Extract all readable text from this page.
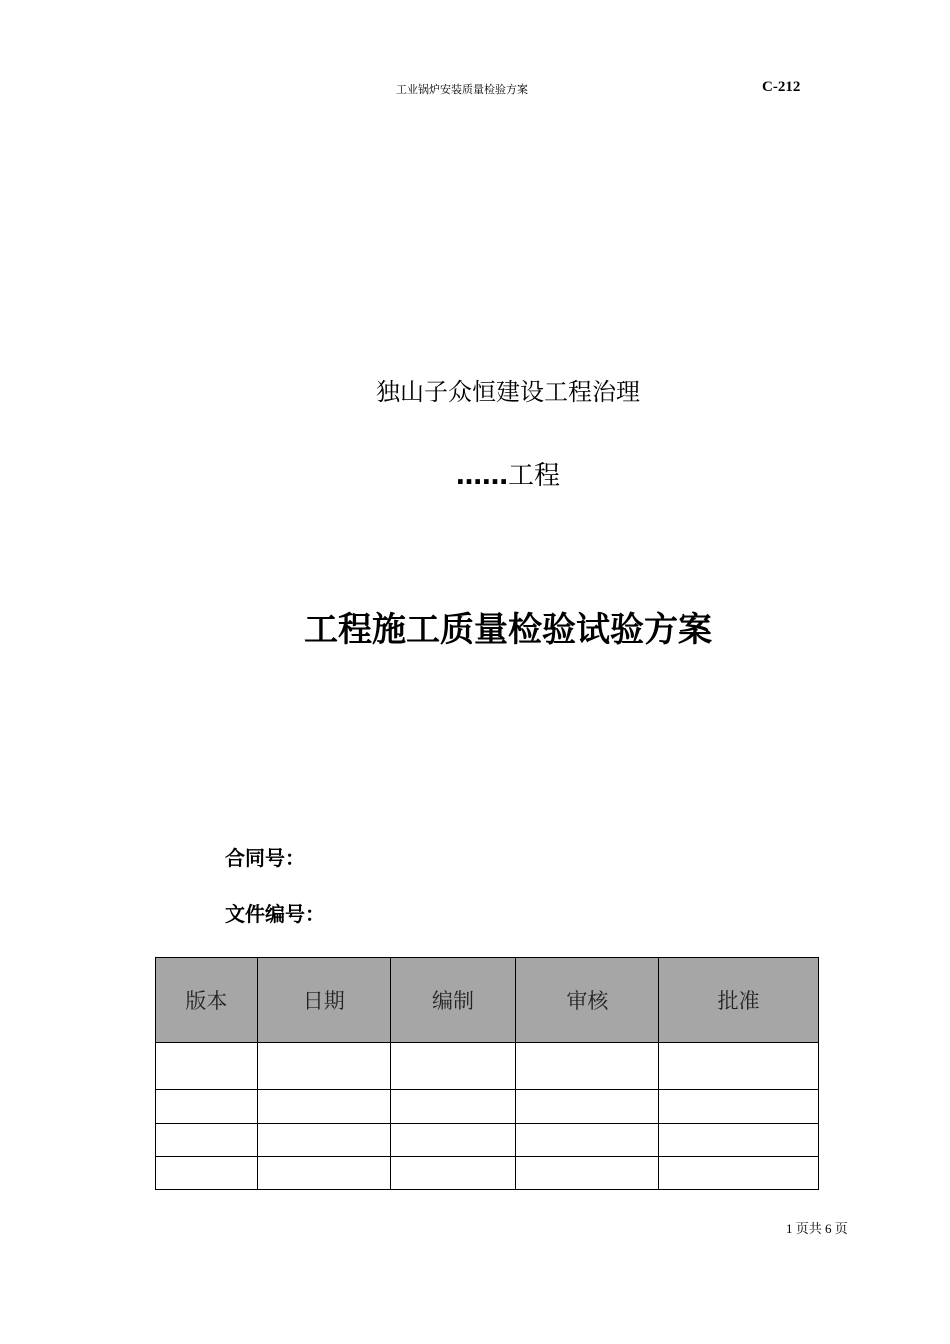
工业锅炉安装质量检验方案	C-212
独山子众恒建设工程治理
……工程
工程施工质量检验试验方案
合同号：
文件编号：
版本	日期	编制	审核	批准

1 页共 6 页
